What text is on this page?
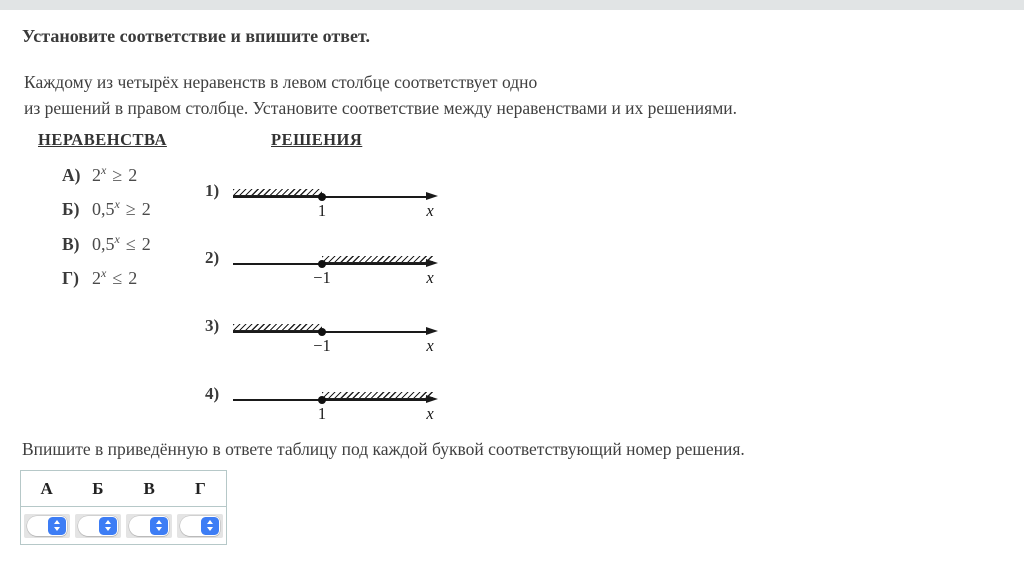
Установите соответствие и впишите ответ.
Каждому из четырёх неравенств в левом столбце соответствует одно
из решений в правом столбце. Установите соответствие между неравенствами и их решениями.
НЕРАВЕНСТВА	РЕШЕНИЯ
А) $2^x \ge 2$
Б) $0,5^x \ge 2$
В) $0,5^x \le 2$
Г) $2^x \le 2$
1)
1	x
2)
−1	x
3)
−1	x
4)
1	x
Впишите в приведённую в ответе таблицу под каждой буквой соответствующий номер решения.
А	Б	В	Г
